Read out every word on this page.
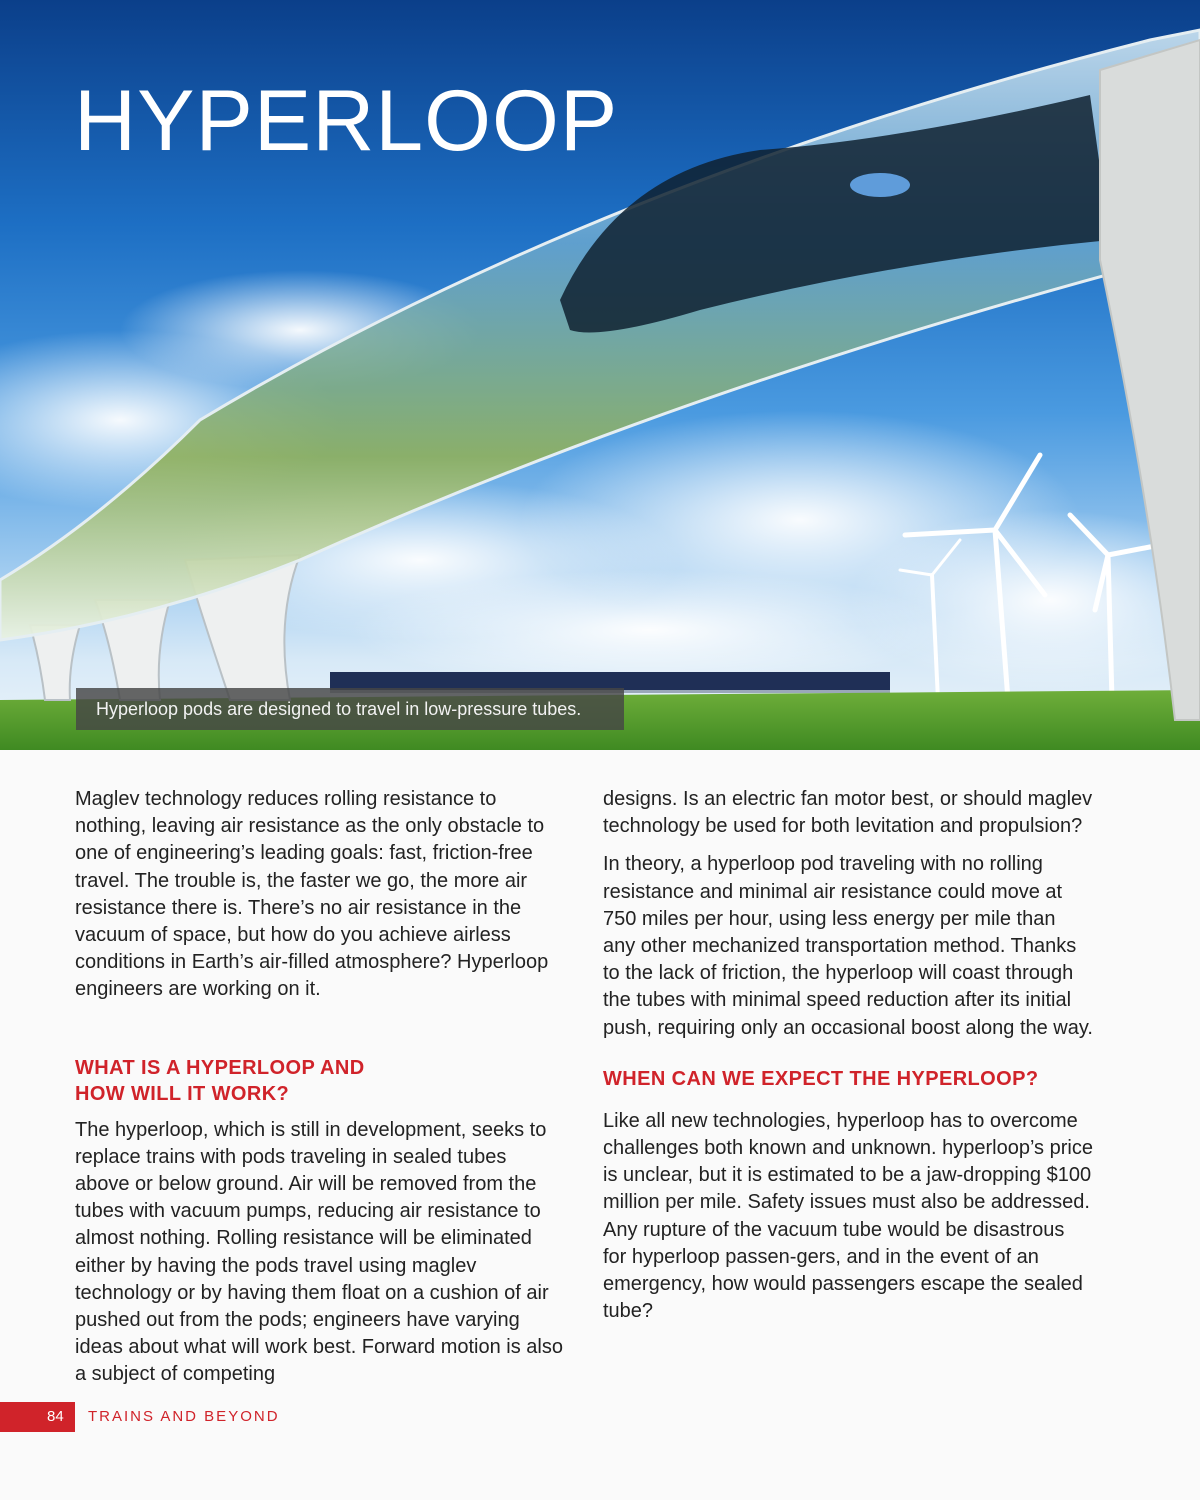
HYPERLOOP
Hyperloop pods are designed to travel in low-pressure tubes.

Maglev technology reduces rolling resistance to nothing, leaving air resistance as the only obstacle to one of engineering’s leading goals: fast, friction-free travel. The trouble is, the faster we go, the more air resistance there is. There’s no air resistance in the vacuum of space, but how do you achieve airless conditions in Earth’s air-filled atmosphere? Hyperloop engineers are working on it.

WHAT IS A HYPERLOOP AND
HOW WILL IT WORK?

The hyperloop, which is still in development, seeks to replace trains with pods traveling in sealed tubes above or below ground. Air will be removed from the tubes with vacuum pumps, reducing air resistance to almost nothing. Rolling resistance will be eliminated either by having the pods travel using maglev technology or by having them float on a cushion of air pushed out from the pods; engineers have varying ideas about what will work best. Forward motion is also a subject of competing

designs. Is an electric fan motor best, or should maglev technology be used for both levitation and propulsion?

In theory, a hyperloop pod traveling with no rolling resistance and minimal air resistance could move at 750 miles per hour, using less energy per mile than any other mechanized transportation method. Thanks to the lack of friction, the hyperloop will coast through the tubes with minimal speed reduction after its initial push, requiring only an occasional boost along the way.

WHEN CAN WE EXPECT THE HYPERLOOP?

Like all new technologies, hyperloop has to overcome challenges both known and unknown. hyperloop’s price is unclear, but it is estimated to be a jaw-dropping $100 million per mile. Safety issues must also be addressed. Any rupture of the vacuum tube would be disastrous for hyperloop passen-gers, and in the event of an emergency, how would passengers escape the sealed tube?

84 TRAINS AND BEYOND
